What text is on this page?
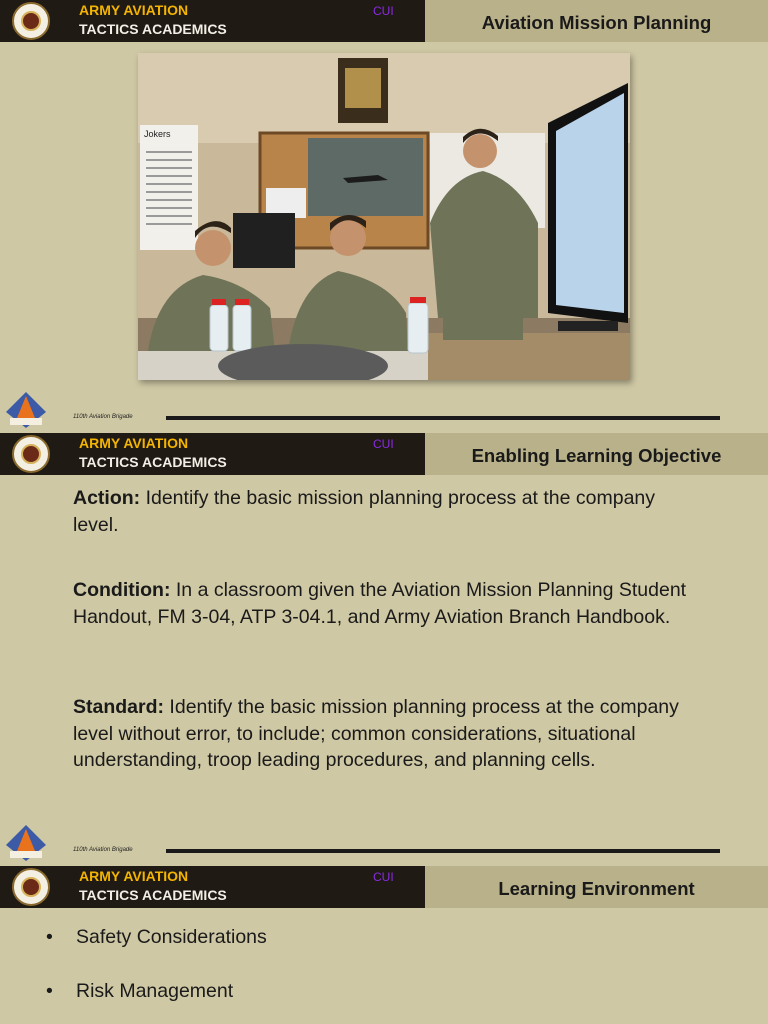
ARMY AVIATION
TACTICS ACADEMICS
CUI
Aviation Mission Planning
Jokers
110th Aviation Brigade
ARMY AVIATION
TACTICS ACADEMICS
CUI
Enabling Learning Objective
Action: Identify the basic mission planning process at the company level.
Condition: In a classroom given the Aviation Mission Planning Student Handout, FM 3-04, ATP 3-04.1, and Army Aviation Branch Handbook.
Standard: Identify the basic mission planning process at the company level without error, to include; common considerations, situational understanding, troop leading procedures, and planning cells.
110th Aviation Brigade
ARMY AVIATION
TACTICS ACADEMICS
CUI
Learning Environment
• Safety Considerations
• Risk Management
